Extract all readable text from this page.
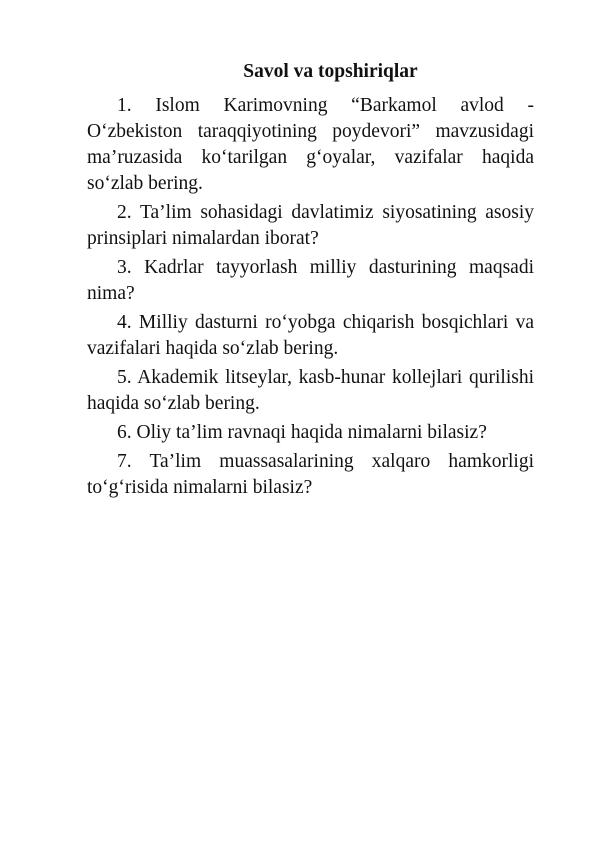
Savol va topshiriqlar

1. Islom Karimovning “Barkamol avlod - O‘zbekiston taraqqiyotining poydevori” mavzusidagi ma’ruzasida ko‘tarilgan g‘oyalar, vazifalar haqida so‘zlab bering.

2. Ta’lim sohasidagi davlatimiz siyosatining asosiy prinsiplari nimalardan iborat?

3. Kadrlar tayyorlash milliy dasturining maqsadi nima?

4. Milliy dasturni ro‘yobga chiqarish bosqichlari va vazifalari haqida so‘zlab bering.

5. Akademik litseylar, kasb-hunar kollejlari qurilishi haqida so‘zlab bering.

6. Oliy ta’lim ravnaqi haqida nimalarni bilasiz?

7. Ta’lim muassasalarining xalqaro hamkorligi to‘g‘risida nimalarni bilasiz?
